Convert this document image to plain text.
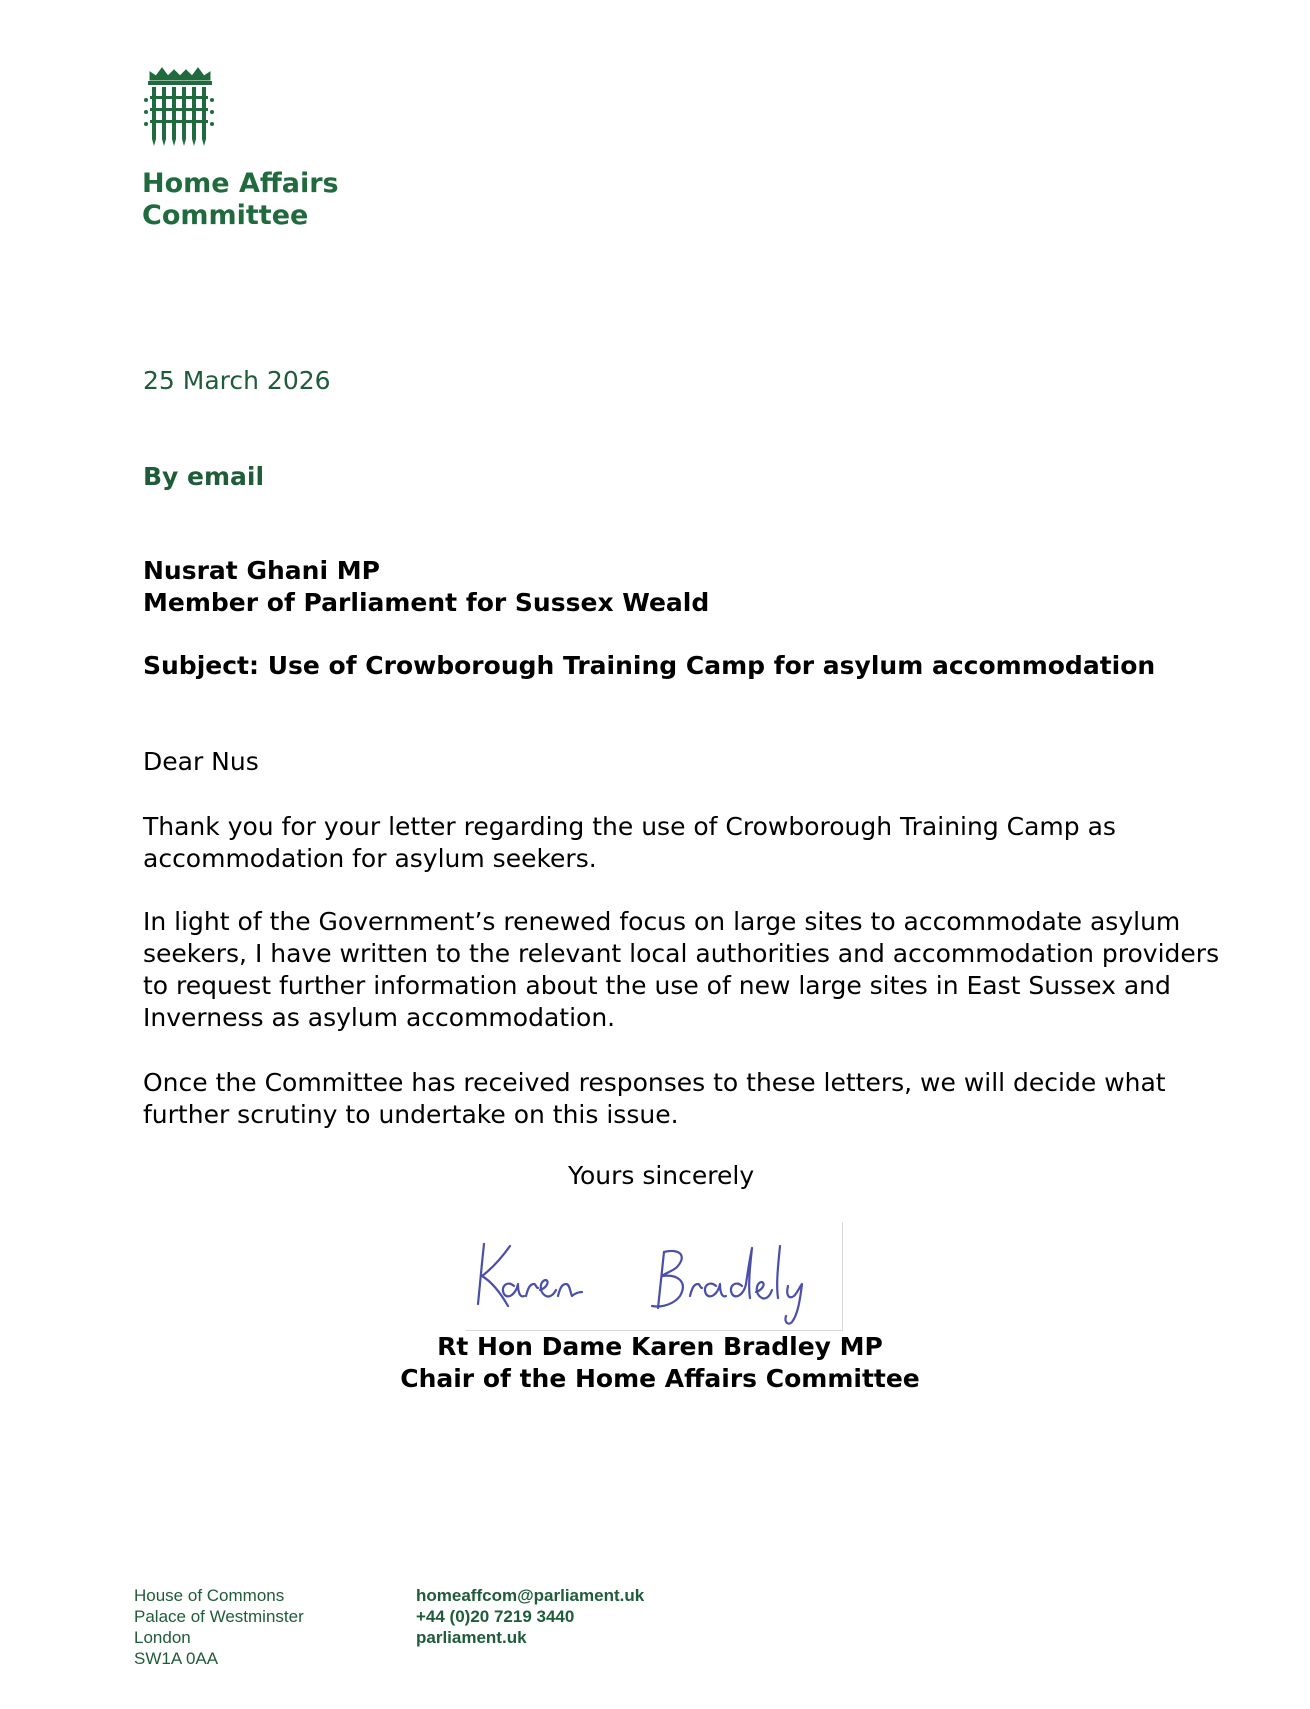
Home Affairs
Committee
25 March 2026
By email
Nusrat Ghani MP
Member of Parliament for Sussex Weald
Subject: Use of Crowborough Training Camp for asylum accommodation
Dear Nus
Thank you for your letter regarding the use of Crowborough Training Camp as accommodation for asylum seekers.
In light of the Government’s renewed focus on large sites to accommodate asylum seekers, I have written to the relevant local authorities and accommodation providers to request further information about the use of new large sites in East Sussex and Inverness as asylum accommodation.
Once the Committee has received responses to these letters, we will decide what further scrutiny to undertake on this issue.
Yours sincerely
Rt Hon Dame Karen Bradley MP
Chair of the Home Affairs Committee
House of Commons
Palace of Westminster
London
SW1A 0AA
homeaffcom@parliament.uk
+44 (0)20 7219 3440
parliament.uk
